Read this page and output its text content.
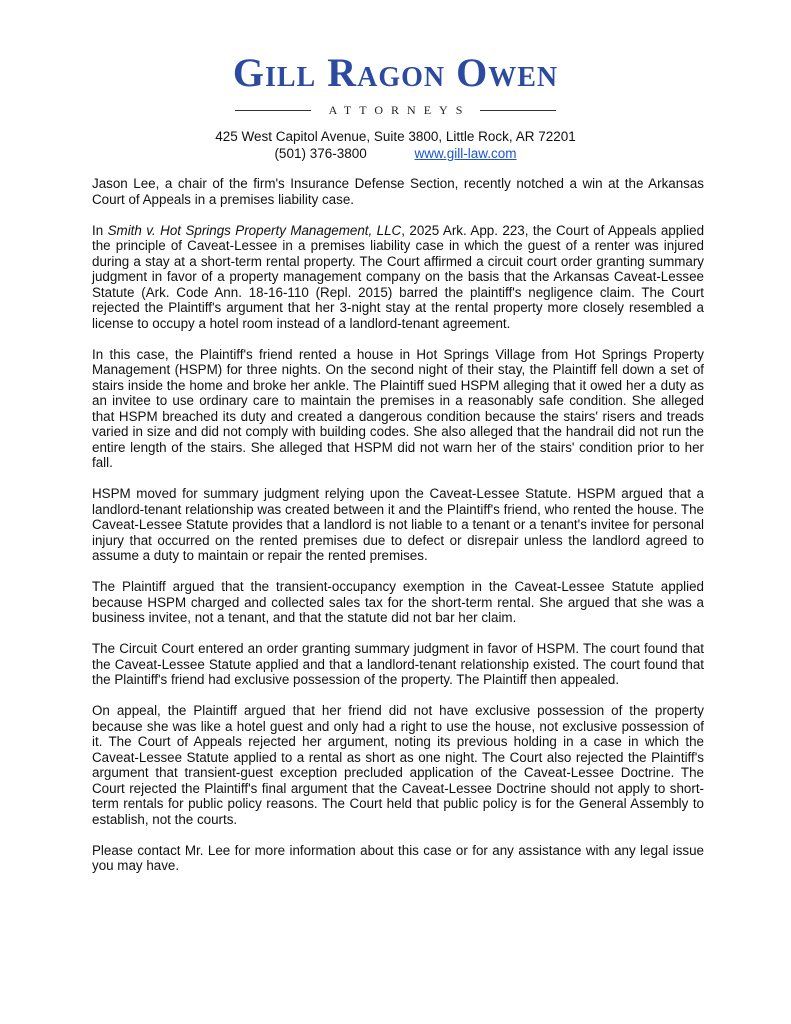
Gill Ragon Owen
ATTORNEYS
425 West Capitol Avenue, Suite 3800, Little Rock, AR 72201
(501) 376-3800	www.gill-law.com

Jason Lee, a chair of the firm's Insurance Defense Section, recently notched a win at the Arkansas Court of Appeals in a premises liability case.

In Smith v. Hot Springs Property Management, LLC, 2025 Ark. App. 223, the Court of Appeals applied the principle of Caveat-Lessee in a premises liability case in which the guest of a renter was injured during a stay at a short-term rental property. The Court affirmed a circuit court order granting summary judgment in favor of a property management company on the basis that the Arkansas Caveat-Lessee Statute (Ark. Code Ann. 18-16-110 (Repl. 2015) barred the plaintiff's negligence claim. The Court rejected the Plaintiff's argument that her 3-night stay at the rental property more closely resembled a license to occupy a hotel room instead of a landlord-tenant agreement.

In this case, the Plaintiff's friend rented a house in Hot Springs Village from Hot Springs Property Management (HSPM) for three nights. On the second night of their stay, the Plaintiff fell down a set of stairs inside the home and broke her ankle. The Plaintiff sued HSPM alleging that it owed her a duty as an invitee to use ordinary care to maintain the premises in a reasonably safe condition. She alleged that HSPM breached its duty and created a dangerous condition because the stairs' risers and treads varied in size and did not comply with building codes. She also alleged that the handrail did not run the entire length of the stairs. She alleged that HSPM did not warn her of the stairs' condition prior to her fall.

HSPM moved for summary judgment relying upon the Caveat-Lessee Statute. HSPM argued that a landlord-tenant relationship was created between it and the Plaintiff's friend, who rented the house. The Caveat-Lessee Statute provides that a landlord is not liable to a tenant or a tenant's invitee for personal injury that occurred on the rented premises due to defect or disrepair unless the landlord agreed to assume a duty to maintain or repair the rented premises.

The Plaintiff argued that the transient-occupancy exemption in the Caveat-Lessee Statute applied because HSPM charged and collected sales tax for the short-term rental. She argued that she was a business invitee, not a tenant, and that the statute did not bar her claim.

The Circuit Court entered an order granting summary judgment in favor of HSPM. The court found that the Caveat-Lessee Statute applied and that a landlord-tenant relationship existed. The court found that the Plaintiff's friend had exclusive possession of the property. The Plaintiff then appealed.

On appeal, the Plaintiff argued that her friend did not have exclusive possession of the property because she was like a hotel guest and only had a right to use the house, not exclusive possession of it. The Court of Appeals rejected her argument, noting its previous holding in a case in which the Caveat-Lessee Statute applied to a rental as short as one night. The Court also rejected the Plaintiff's argument that transient-guest exception precluded application of the Caveat-Lessee Doctrine. The Court rejected the Plaintiff's final argument that the Caveat-Lessee Doctrine should not apply to short-term rentals for public policy reasons. The Court held that public policy is for the General Assembly to establish, not the courts.

Please contact Mr. Lee for more information about this case or for any assistance with any legal issue you may have.
